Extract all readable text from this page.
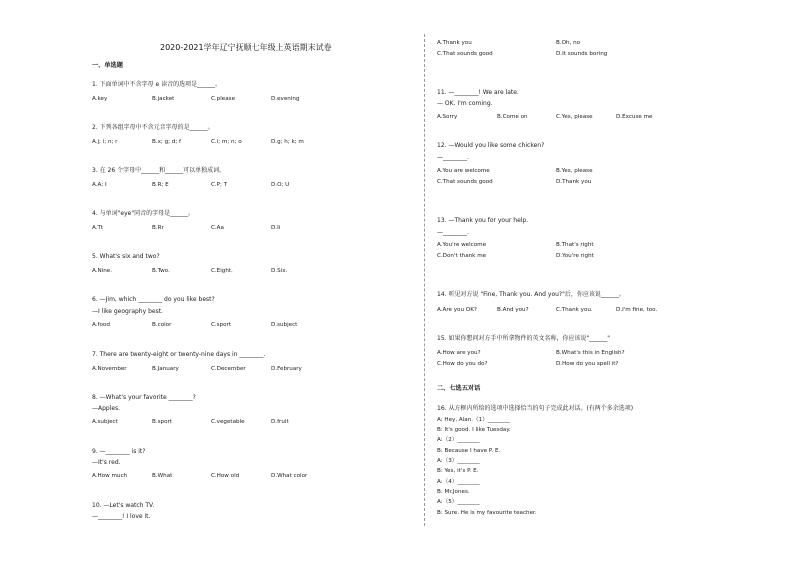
2020-2021学年辽宁抚顺七年级上英语期末试卷
一、单选题
1. 下面单词中不含字母 e 读音的选项是______。
A.key	B.jacket	C.please	D.evening
2. 下列各组字母中不含元音字母的是______。
A.j; i; n; r	B.x; g; d; f	C.l; m; n; o	D.g; h; k; m
3. 在 26 个字母中______和______可以单独成词。
A.A; I	B.R; E	C.P; T	D.O; U
4. 与单词"eye"同音的字母是______。
A.Tt	B.Rr	C.Aa	D.Ii
5. What's six and two?
A.Nine.	B.Two.	C.Eight.	D.Six.
6. —Jim, which ________ do you like best?
—I like geography best.
A.food	B.color	C.sport	D.subject
7. There are twenty-eight or twenty-nine days in ________.
A.November	B.January	C.December	D.February
8. —What's your favorite ________?
—Apples.
A.subject	B.sport	C.vegetable	D.fruit
9. —________ is it?
—It's red.
A.How much	B.What	C.How old	D.What color
10. —Let's watch TV.
—________! I love it.
A.Thank you	B.Oh, no
C.That sounds good	D.It sounds boring
11. —________! We are late.
— OK. I'm coming.
A.Sorry	B.Come on	C.Yes, please	D.Excuse me
12. —Would you like some chicken?
—________.
A.You are welcome	B.Yes, please
C.That sounds good	D.Thank you
13. —Thank you for your help.
—________.
A.You're welcome	B.That's right
C.Don't thank me	D.You're right
14. 听见对方说 "Fine, Thank you. And you?"后，你应该说______。
A.Are you OK?	B.And you?	C.Thank you.	D.I'm fine, too.
15. 如果你想问对方手中所拿物件的英文名称，你应该说"______"
A.How are you?	B.What's this in English?
C.How do you do?	D.How do you spell it?
二、七选五对话
16. 从方框内所给的选项中选择恰当的句子完成此对话。(有两个多余选项)
A: Hey, Alan.（1）________
B: It's good. I like Tuesday.
A:（2）________
B: Because I have P. E.
A:（3）________
B: Yes, it's P. E.
A:（4）________
B: Mr.Jones.
A:（5）________
B: Sure. He is my favourite teacher.
